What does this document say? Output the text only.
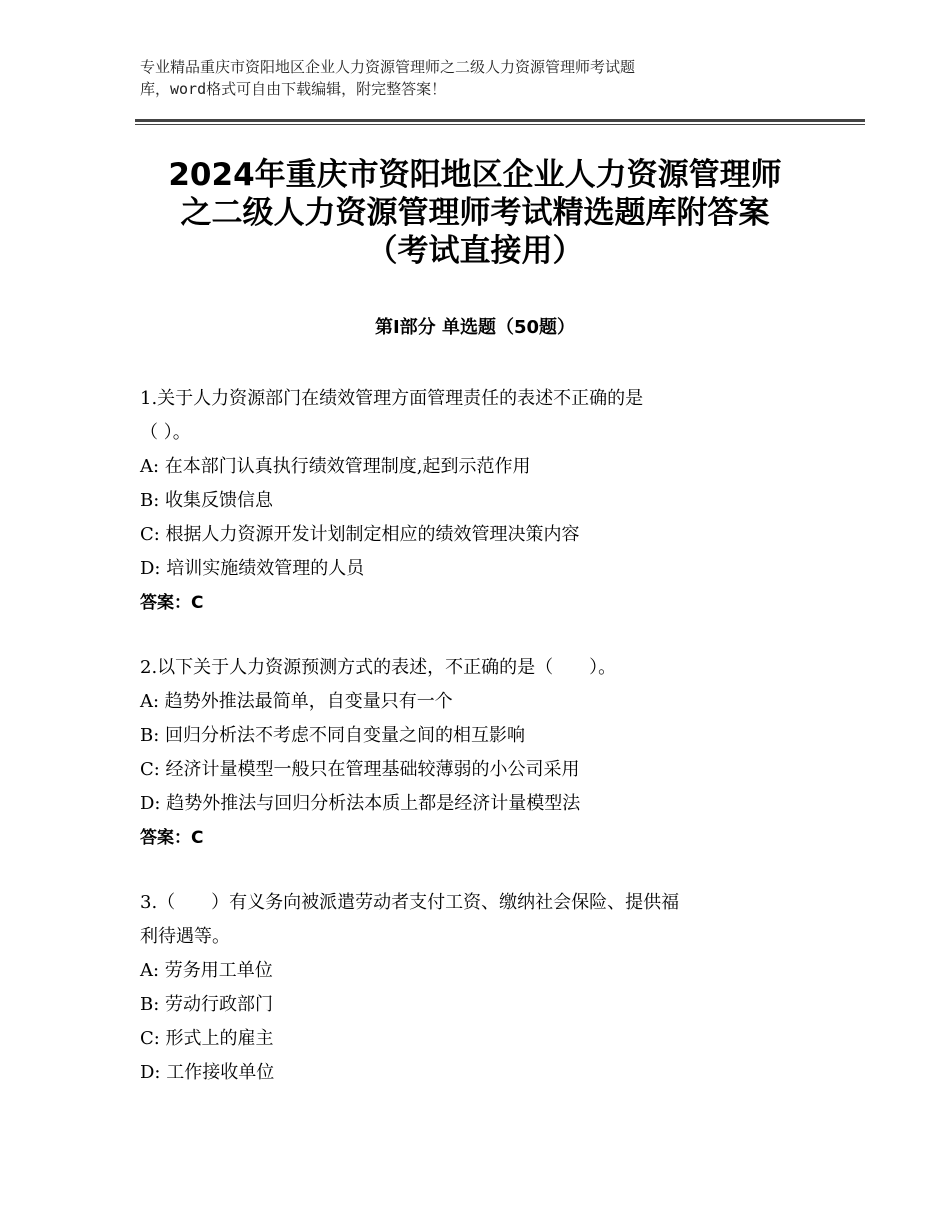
专业精品重庆市资阳地区企业人力资源管理师之二级人力资源管理师考试题
库，word格式可自由下载编辑，附完整答案！
2024年重庆市资阳地区企业人力资源管理师
之二级人力资源管理师考试精选题库附答案
（考试直接用）
第Ⅰ部分 单选题（50题）
1.关于人力资源部门在绩效管理方面管理责任的表述不正确的是
（ ）。
A: 在本部门认真执行绩效管理制度,起到示范作用
B: 收集反馈信息
C: 根据人力资源开发计划制定相应的绩效管理决策内容
D: 培训实施绩效管理的人员
答案：C
2.以下关于人力资源预测方式的表述，不正确的是（　　）。
A: 趋势外推法最简单，自变量只有一个
B: 回归分析法不考虑不同自变量之间的相互影响
C: 经济计量模型一般只在管理基础较薄弱的小公司采用
D: 趋势外推法与回归分析法本质上都是经济计量模型法
答案：C
3.（　　）有义务向被派遣劳动者支付工资、缴纳社会保险、提供福
利待遇等。
A: 劳务用工单位
B: 劳动行政部门
C: 形式上的雇主
D: 工作接收单位
